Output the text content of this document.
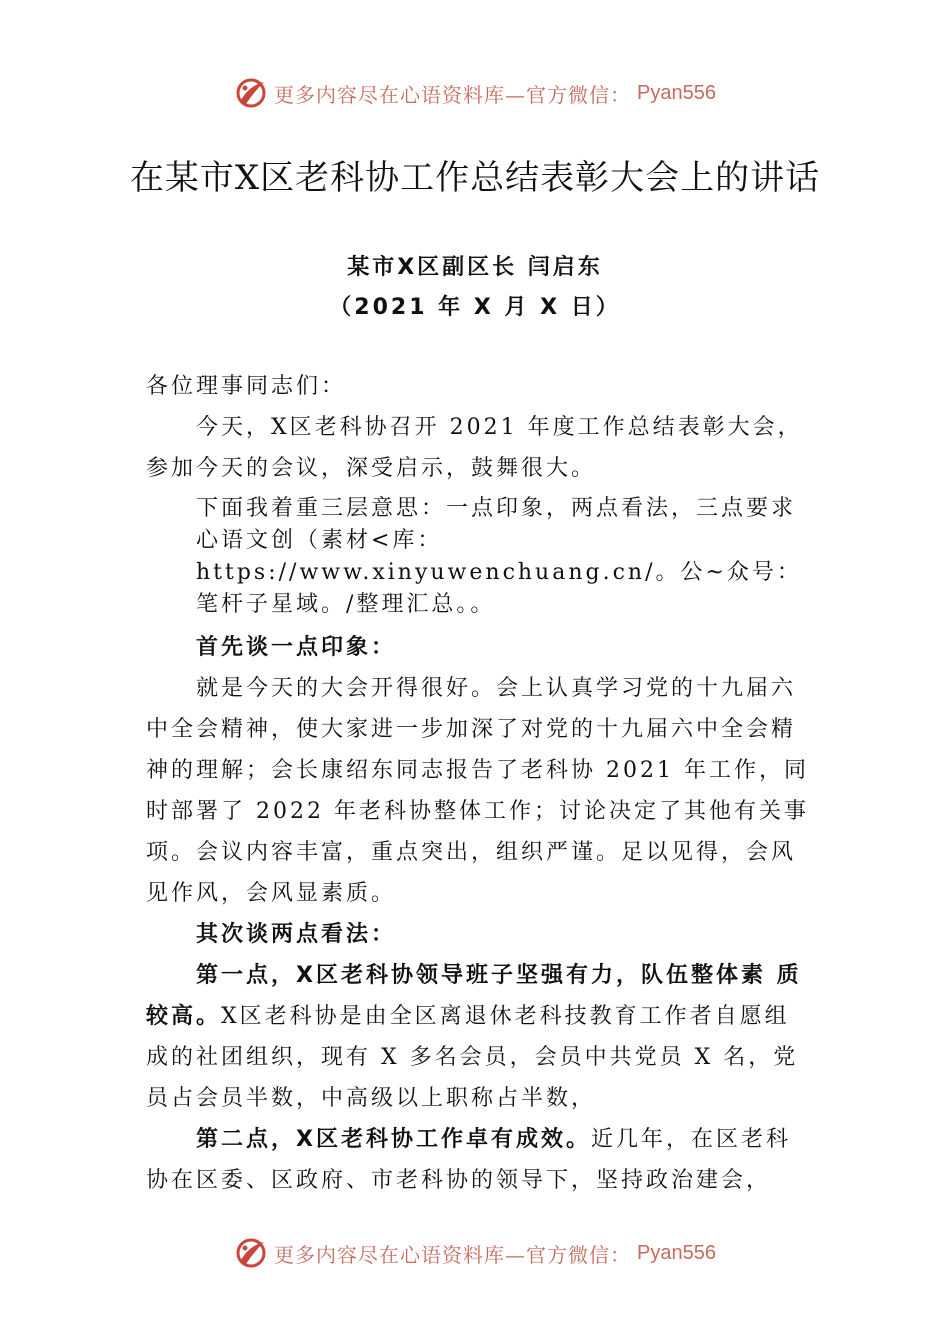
更多内容尽在心语资料库—官方微信： Pyan556
在某市X区老科协工作总结表彰大会上的讲话
某市X区副区长 闫启东
（2021 年 X 月 X 日）

各位理事同志们：

今天，X区老科协召开 2021 年度工作总结表彰大会，参加今天的会议，深受启示，鼓舞很大。

下面我着重三层意思：一点印象，两点看法，三点要求心语文创（素材<库：https://www.xinyuwenchuang.cn/。公~众号：笔杆子星域。/整理汇总。。

首先谈一点印象：

就是今天的大会开得很好。会上认真学习党的十九届六中全会精神，使大家进一步加深了对党的十九届六中全会精神的理解；会长康绍东同志报告了老科协 2021 年工作，同时部署了 2022 年老科协整体工作；讨论决定了其他有关事项。会议内容丰富，重点突出，组织严谨。足以见得，会风见作风，会风显素质。

其次谈两点看法：

第一点，X区老科协领导班子坚强有力，队伍整体素 质较高。X区老科协是由全区离退休老科技教育工作者自愿组成的社团组织，现有 X 多名会员，会员中共党员 X 名，党员占会员半数，中高级以上职称占半数，

第二点，X区老科协工作卓有成效。近几年，在区老科协在区委、区政府、市老科协的领导下，坚持政治建会，

更多内容尽在心语资料库—官方微信： Pyan556
